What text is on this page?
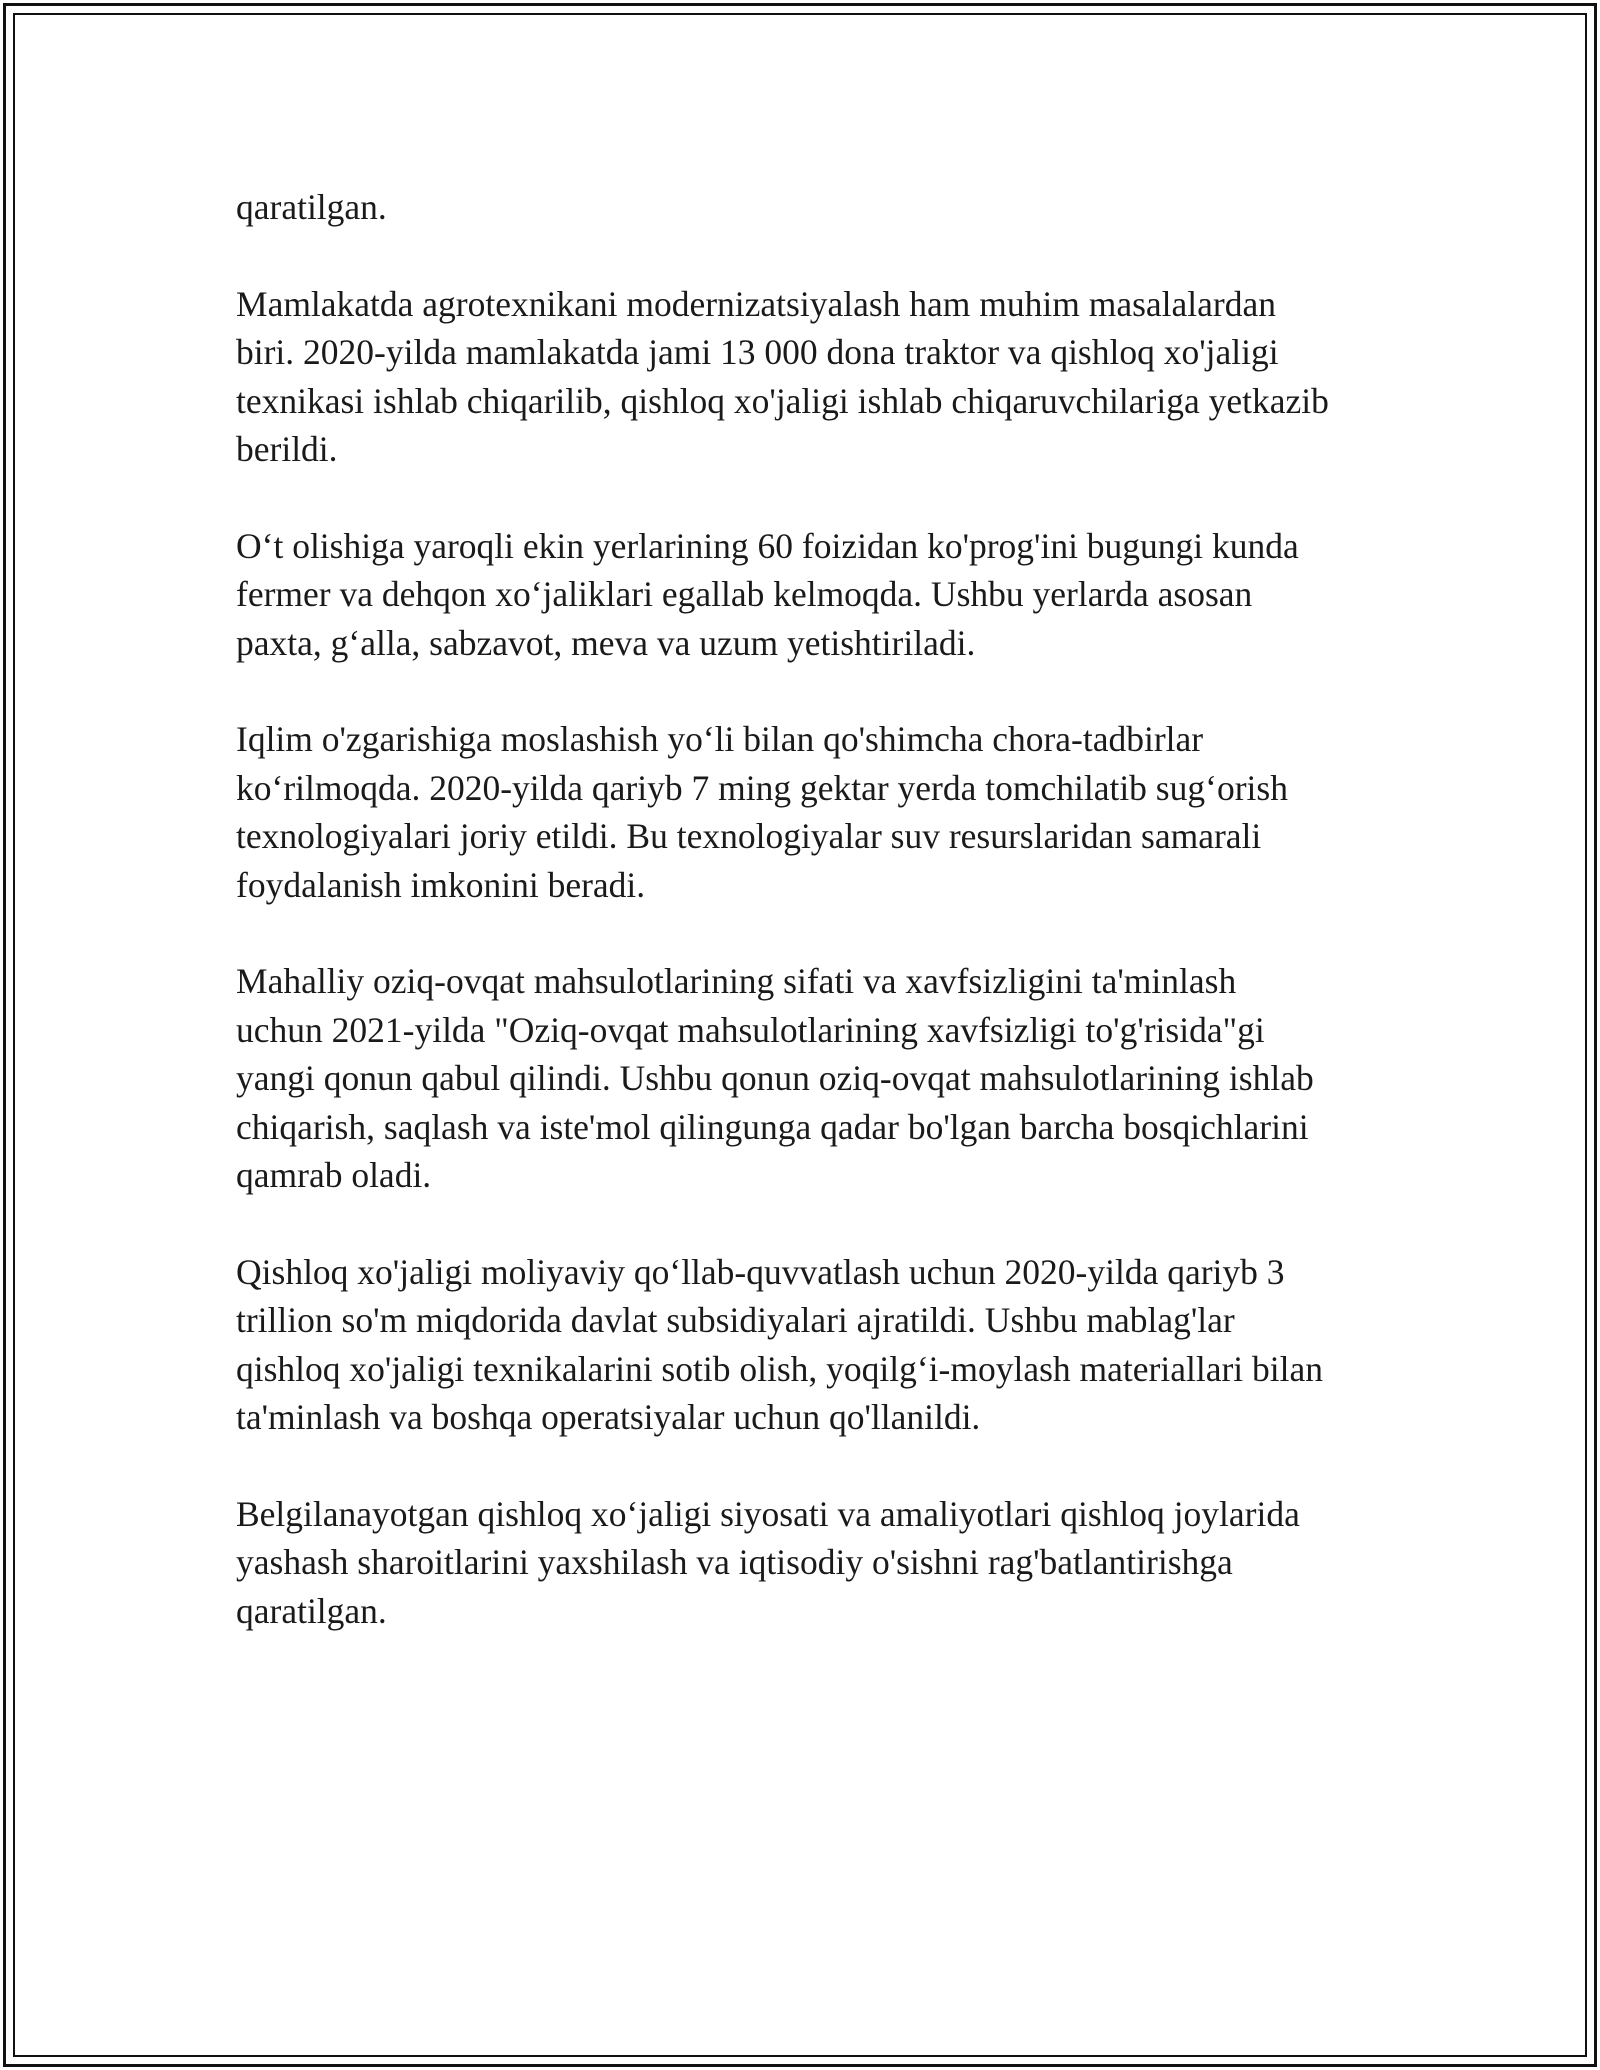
qaratilgan.

Mamlakatda agrotexnikani modernizatsiyalash ham muhim masalalardan
biri. 2020-yilda mamlakatda jami 13 000 dona traktor va qishloq xo'jaligi
texnikasi ishlab chiqarilib, qishloq xo'jaligi ishlab chiqaruvchilariga yetkazib
berildi.

O‘t olishiga yaroqli ekin yerlarining 60 foizidan ko'prog'ini bugungi kunda
fermer va dehqon xo‘jaliklari egallab kelmoqda. Ushbu yerlarda asosan
paxta, g‘alla, sabzavot, meva va uzum yetishtiriladi.

Iqlim o'zgarishiga moslashish yo‘li bilan qo'shimcha chora-tadbirlar
ko‘rilmoqda. 2020-yilda qariyb 7 ming gektar yerda tomchilatib sug‘orish
texnologiyalari joriy etildi. Bu texnologiyalar suv resurslaridan samarali
foydalanish imkonini beradi.

Mahalliy oziq-ovqat mahsulotlarining sifati va xavfsizligini ta'minlash
uchun 2021-yilda "Oziq-ovqat mahsulotlarining xavfsizligi to'g'risida"gi
yangi qonun qabul qilindi. Ushbu qonun oziq-ovqat mahsulotlarining ishlab
chiqarish, saqlash va iste'mol qilingunga qadar bo'lgan barcha bosqichlarini
qamrab oladi.

Qishloq xo'jaligi moliyaviy qo‘llab-quvvatlash uchun 2020-yilda qariyb 3
trillion so'm miqdorida davlat subsidiyalari ajratildi. Ushbu mablag'lar
qishloq xo'jaligi texnikalarini sotib olish, yoqilg‘i-moylash materiallari bilan
ta'minlash va boshqa operatsiyalar uchun qo'llanildi.

Belgilanayotgan qishloq xo‘jaligi siyosati va amaliyotlari qishloq joylarida
yashash sharoitlarini yaxshilash va iqtisodiy o'sishni rag'batlantirishga
qaratilgan.
